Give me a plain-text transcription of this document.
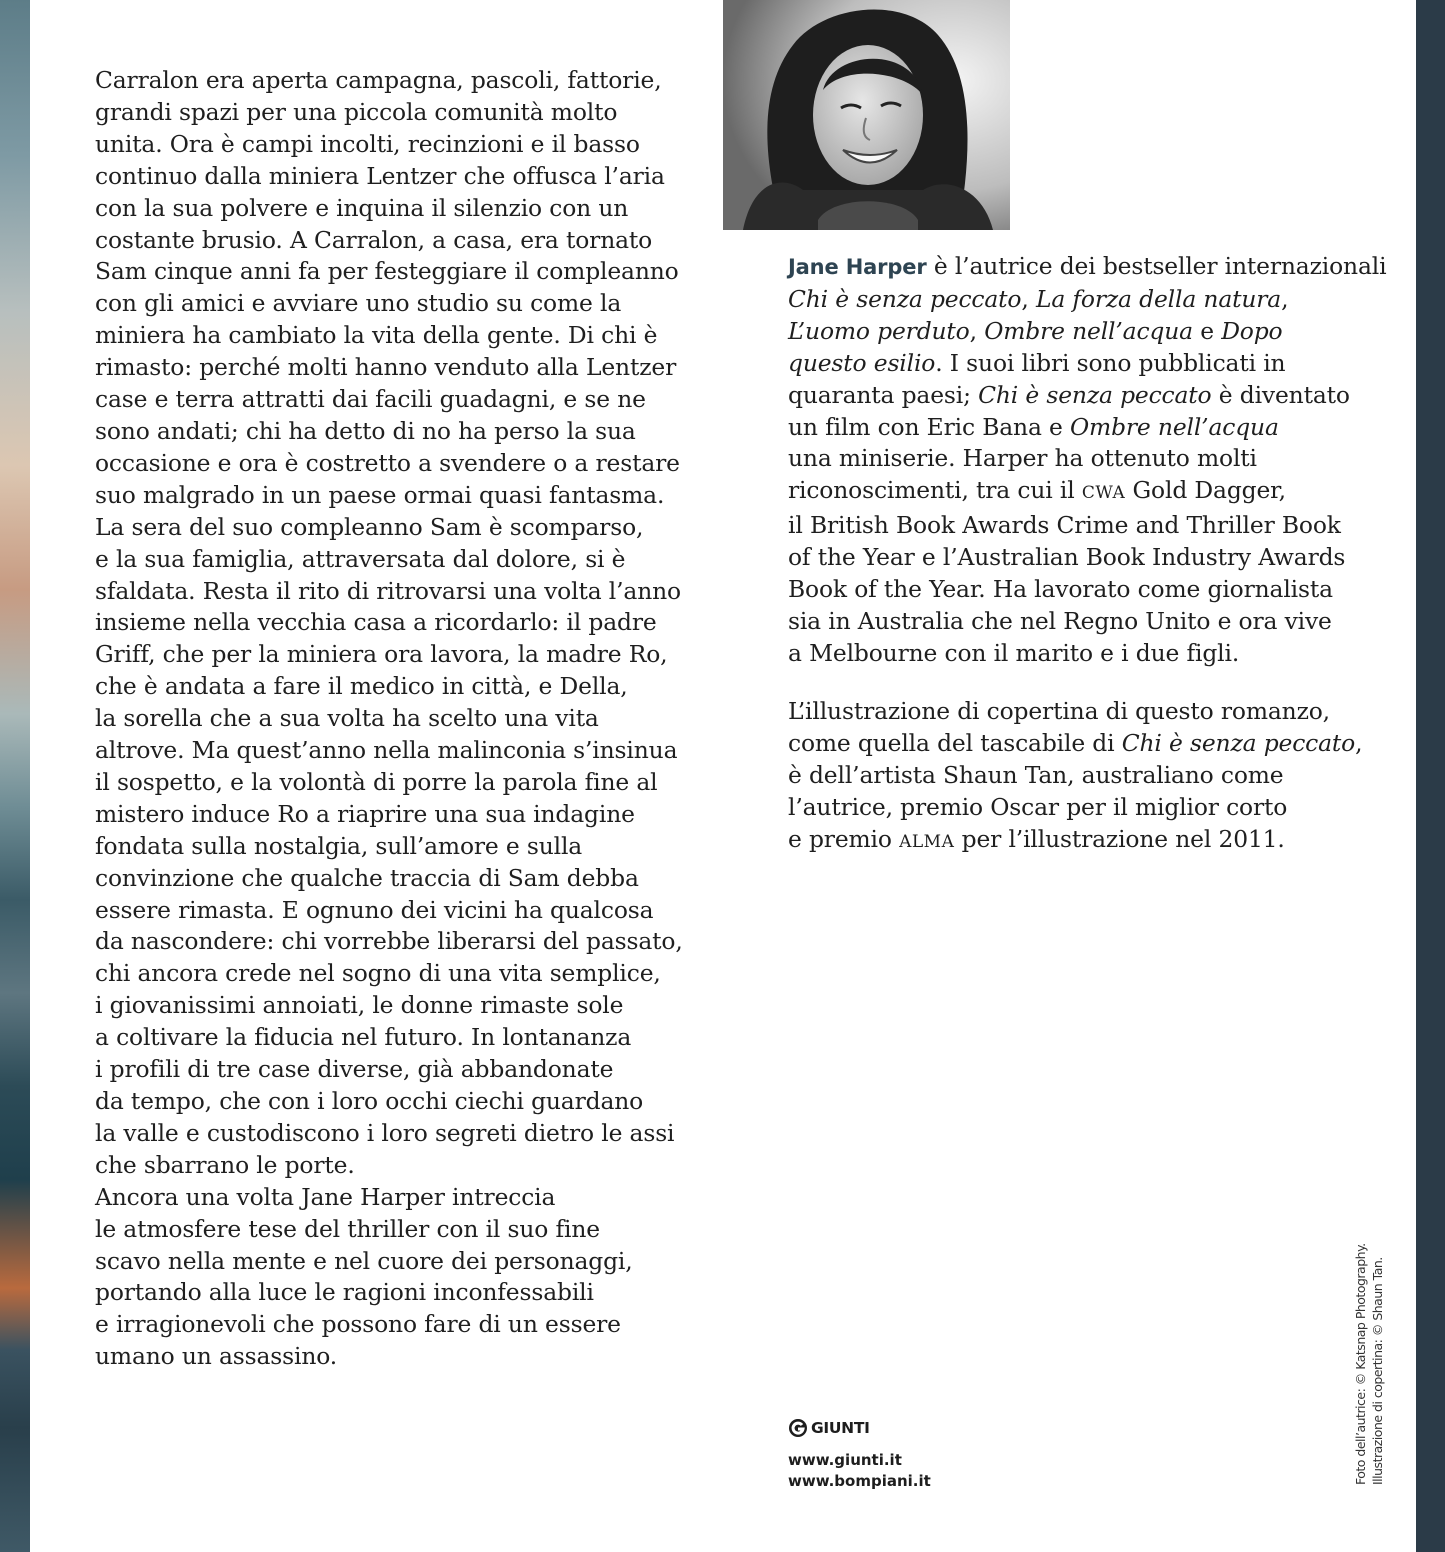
Carralon era aperta campagna, pascoli, fattorie,
grandi spazi per una piccola comunità molto
unita. Ora è campi incolti, recinzioni e il basso
continuo dalla miniera Lentzer che offusca l’aria
con la sua polvere e inquina il silenzio con un
costante brusio. A Carralon, a casa, era tornato
Sam cinque anni fa per festeggiare il compleanno
con gli amici e avviare uno studio su come la
miniera ha cambiato la vita della gente. Di chi è
rimasto: perché molti hanno venduto alla Lentzer
case e terra attratti dai facili guadagni, e se ne
sono andati; chi ha detto di no ha perso la sua
occasione e ora è costretto a svendere o a restare
suo malgrado in un paese ormai quasi fantasma.
La sera del suo compleanno Sam è scomparso,
e la sua famiglia, attraversata dal dolore, si è
sfaldata. Resta il rito di ritrovarsi una volta l’anno
insieme nella vecchia casa a ricordarlo: il padre
Griff, che per la miniera ora lavora, la madre Ro,
che è andata a fare il medico in città, e Della,
la sorella che a sua volta ha scelto una vita
altrove. Ma quest’anno nella malinconia s’insinua
il sospetto, e la volontà di porre la parola fine al
mistero induce Ro a riaprire una sua indagine
fondata sulla nostalgia, sull’amore e sulla
convinzione che qualche traccia di Sam debba
essere rimasta. E ognuno dei vicini ha qualcosa
da nascondere: chi vorrebbe liberarsi del passato,
chi ancora crede nel sogno di una vita semplice,
i giovanissimi annoiati, le donne rimaste sole
a coltivare la fiducia nel futuro. In lontananza
i profili di tre case diverse, già abbandonate
da tempo, che con i loro occhi ciechi guardano
la valle e custodiscono i loro segreti dietro le assi
che sbarrano le porte.
Ancora una volta Jane Harper intreccia
le atmosfere tese del thriller con il suo fine
scavo nella mente e nel cuore dei personaggi,
portando alla luce le ragioni inconfessabili
e irragionevoli che possono fare di un essere
umano un assassino.
Jane Harper è l’autrice dei bestseller internazionali
Chi è senza peccato, La forza della natura,
L’uomo perduto, Ombre nell’acqua e Dopo
questo esilio. I suoi libri sono pubblicati in
quaranta paesi; Chi è senza peccato è diventato
un film con Eric Bana e Ombre nell’acqua
una miniserie. Harper ha ottenuto molti
riconoscimenti, tra cui il CWA Gold Dagger,
il British Book Awards Crime and Thriller Book
of the Year e l’Australian Book Industry Awards
Book of the Year. Ha lavorato come giornalista
sia in Australia che nel Regno Unito e ora vive
a Melbourne con il marito e i due figli.
L’illustrazione di copertina di questo romanzo,
come quella del tascabile di Chi è senza peccato,
è dell’artista Shaun Tan, australiano come
l’autrice, premio Oscar per il miglior corto
e premio ALMA per l’illustrazione nel 2011.
GIUNTI
www.giunti.it
www.bompiani.it	Foto dell’autrice: © Katsnap Photography. Illustrazione di copertina: © Shaun Tan.
